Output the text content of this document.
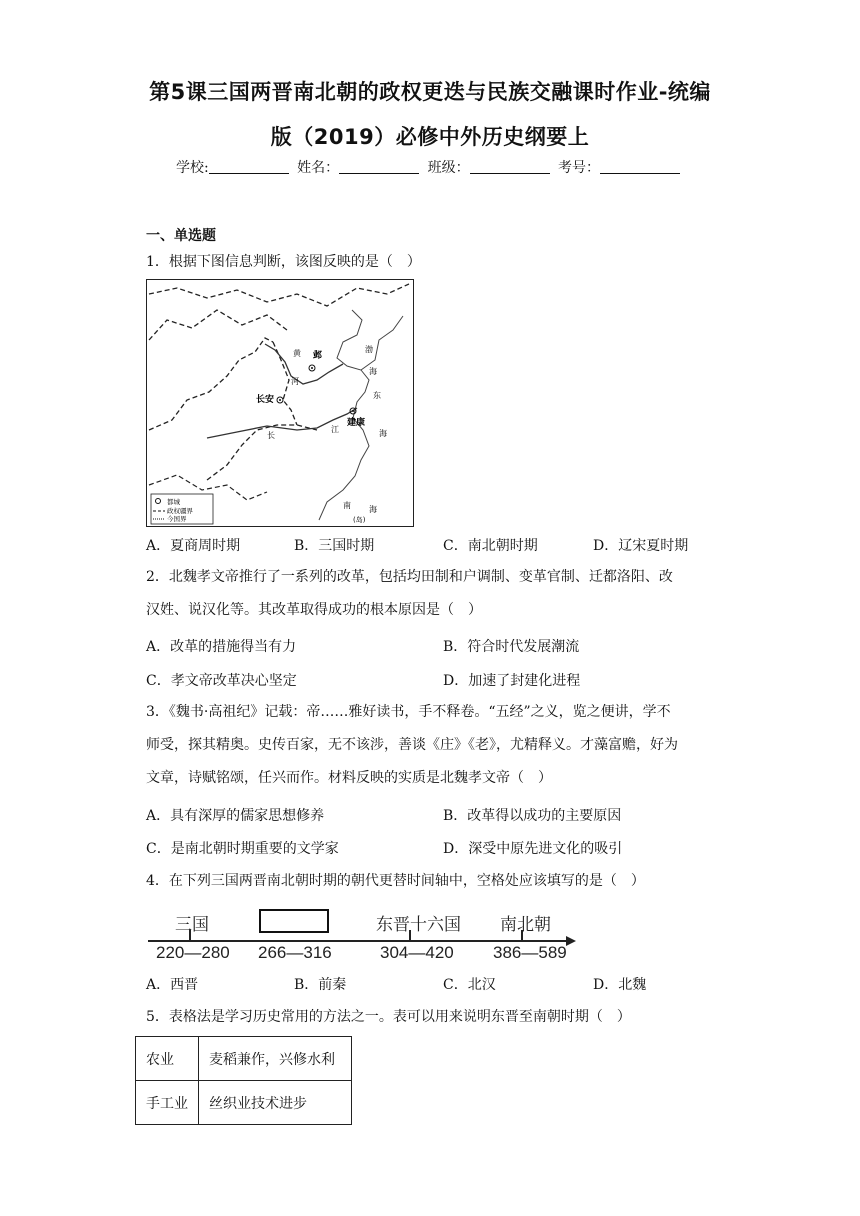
第5课三国两晋南北朝的政权更迭与民族交融课时作业-统编
版（2019）必修中外历史纲要上
学校:	姓名：	班级：	考号：
一、单选题
1．根据下图信息判断，该图反映的是（　）
长安
建康
邺
黄
河
长
江
渤
海
东
海
南 海
(岛)
都城
政权疆界
今国界
A．夏商周时期	B．三国时期	C．南北朝时期	D．辽宋夏时期
2．北魏孝文帝推行了一系列的改革，包括均田制和户调制、变革官制、迁都洛阳、改
汉姓、说汉化等。其改革取得成功的根本原因是（　）
A．改革的措施得当有力	B．符合时代发展潮流
C．孝文帝改革决心坚定	D．加速了封建化进程
3．《魏书·高祖纪》记载：帝……雅好读书，手不释卷。“五经”之义，览之便讲，学不
师受，探其精奥。史传百家，无不该涉，善谈《庄》《老》，尤精释义。才藻富赡，好为
文章，诗赋铭颂，任兴而作。材料反映的实质是北魏孝文帝（　）
A．具有深厚的儒家思想修养	B．改革得以成功的主要原因
C．是南北朝时期重要的文学家	D．深受中原先进文化的吸引
4．在下列三国两晋南北朝时期的朝代更替时间轴中，空格处应该填写的是（　）
三国	东晋十六国 南北朝
220—280 266—316	304—420 386—589
A．西晋	B．前秦	C．北汉	D．北魏
5．表格法是学习历史常用的方法之一。表可以用来说明东晋至南朝时期（　）
农业	麦稻兼作，兴修水利
手工业	丝织业技术进步
